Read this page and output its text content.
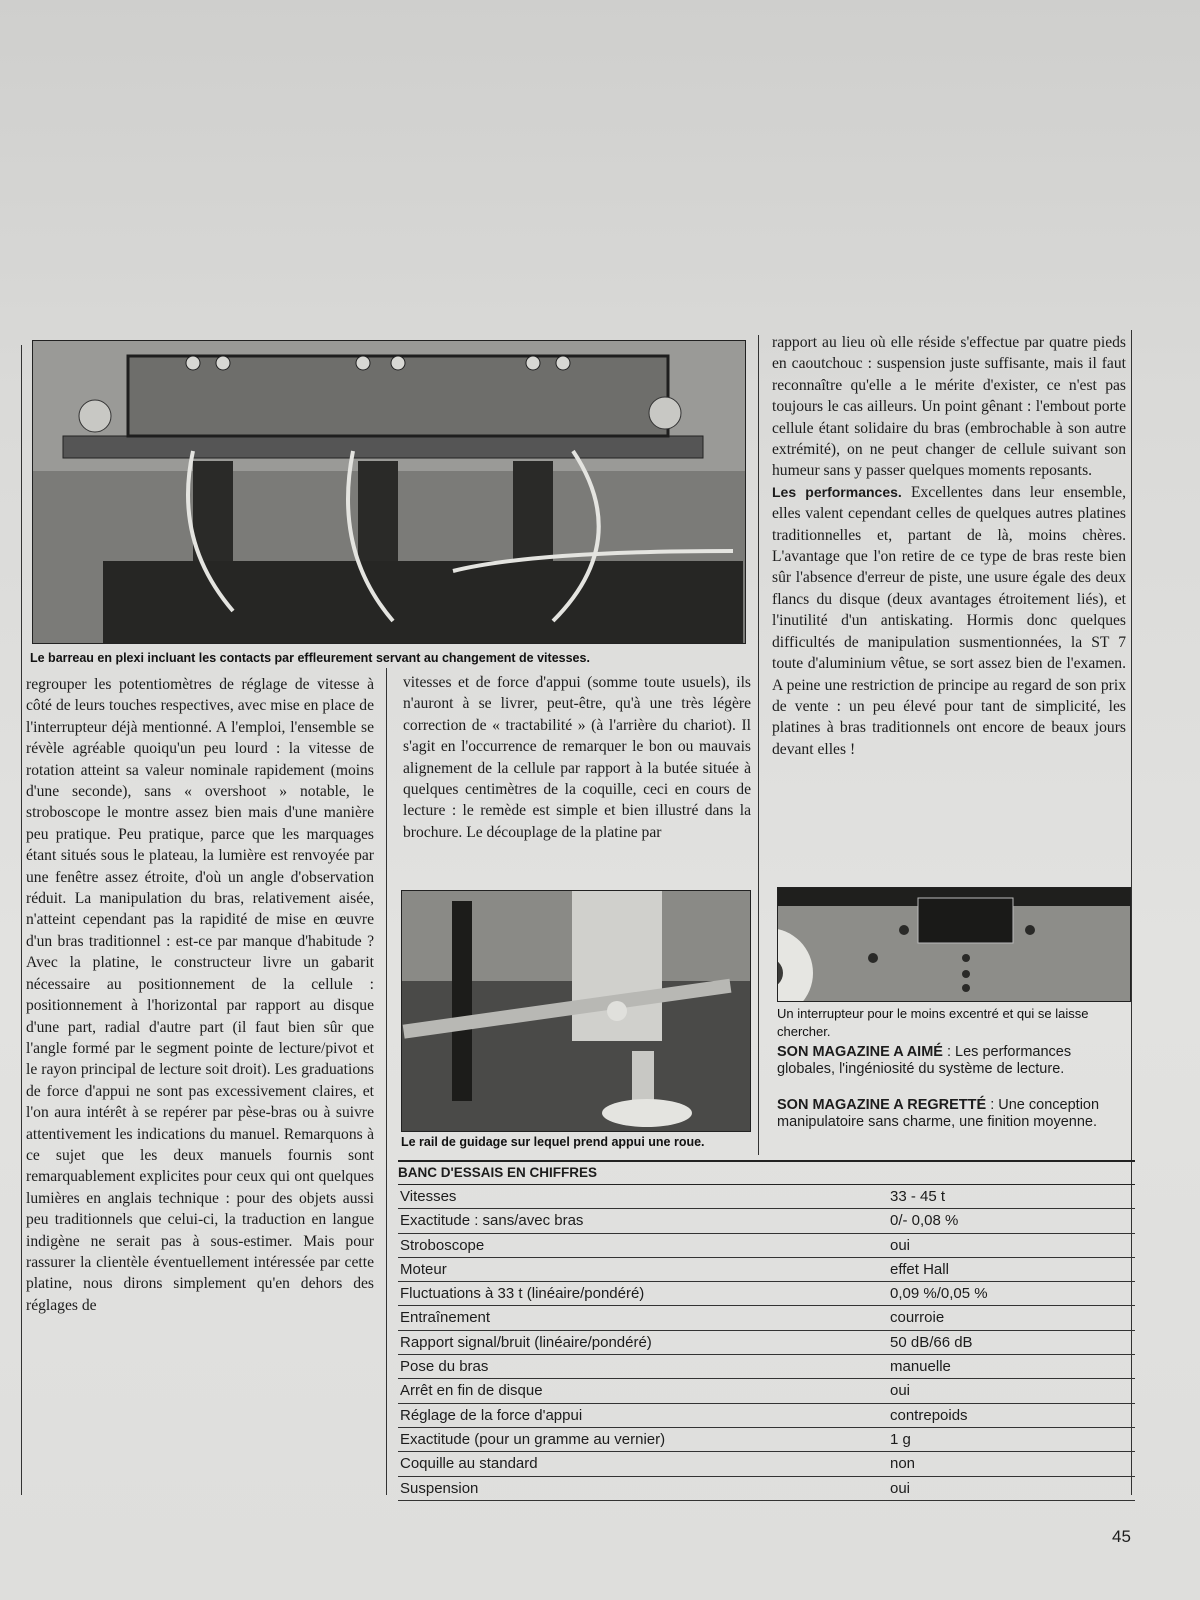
Le barreau en plexi incluant les contacts par effleurement servant au changement de vitesses.

regrouper les potentiomètres de réglage de vitesse à côté de leurs touches respectives, avec mise en place de l'interrupteur déjà mentionné. A l'emploi, l'ensemble se révèle agréable quoiqu'un peu lourd : la vitesse de rotation atteint sa valeur nominale rapidement (moins d'une seconde), sans « overshoot » notable, le stroboscope le montre assez bien mais d'une manière peu pratique. Peu pratique, parce que les marquages étant situés sous le plateau, la lumière est renvoyée par une fenêtre assez étroite, d'où un angle d'observation réduit. La manipulation du bras, relativement aisée, n'atteint cependant pas la rapidité de mise en œuvre d'un bras traditionnel : est-ce par manque d'habitude ? Avec la platine, le constructeur livre un gabarit nécessaire au positionnement de la cellule : positionnement à l'horizontal par rapport au disque d'une part, radial d'autre part (il faut bien sûr que l'angle formé par le segment pointe de lecture/pivot et le rayon principal de lecture soit droit). Les graduations de force d'appui ne sont pas excessivement claires, et l'on aura intérêt à se repérer par pèse-bras ou à suivre attentivement les indications du manuel. Remarquons à ce sujet que les deux manuels fournis sont remarquablement explicites pour ceux qui ont quelques lumières en anglais technique : pour des objets aussi peu traditionnels que celui-ci, la traduction en langue indigène ne serait pas à sous-estimer. Mais pour rassurer la clientèle éventuellement intéressée par cette platine, nous dirons simplement qu'en dehors des réglages de

vitesses et de force d'appui (somme toute usuels), ils n'auront à se livrer, peut-être, qu'à une très légère correction de « tractabilité » (à l'arrière du chariot). Il s'agit en l'occurrence de remarquer le bon ou mauvais alignement de la cellule par rapport à la butée située à quelques centimètres de la coquille, ceci en cours de lecture : le remède est simple et bien illustré dans la brochure. Le découplage de la platine par

Le rail de guidage sur lequel prend appui une roue.

rapport au lieu où elle réside s'effectue par quatre pieds en caoutchouc : suspension juste suffisante, mais il faut reconnaître qu'elle a le mérite d'exister, ce n'est pas toujours le cas ailleurs. Un point gênant : l'embout porte cellule étant solidaire du bras (embrochable à son autre extrémité), on ne peut changer de cellule suivant son humeur sans y passer quelques moments reposants.

Les performances. Excellentes dans leur ensemble, elles valent cependant celles de quelques autres platines traditionnelles et, partant de là, moins chères. L'avantage que l'on retire de ce type de bras reste bien sûr l'absence d'erreur de piste, une usure égale des deux flancs du disque (deux avantages étroitement liés), et l'inutilité d'un antiskating. Hormis donc quelques difficultés de manipulation susmentionnées, la ST 7 toute d'aluminium vêtue, se sort assez bien de l'examen. A peine une restriction de principe au regard de son prix de vente : un peu élevé pour tant de simplicité, les platines à bras traditionnels ont encore de beaux jours devant elles !

Un interrupteur pour le moins excentré et qui se laisse chercher.
SON MAGAZINE A AIMÉ : Les performances globales, l'ingéniosité du système de lecture.
SON MAGAZINE A REGRETTÉ : Une conception manipulatoire sans charme, une finition moyenne.
BANC D'ESSAIS EN CHIFFRES
Vitesses	33 - 45 t
Exactitude : sans/avec bras	0/- 0,08 %
Stroboscope	oui
Moteur	effet Hall
Fluctuations à 33 t (linéaire/pondéré)	0,09 %/0,05 %
Entraînement	courroie
Rapport signal/bruit (linéaire/pondéré)	50 dB/66 dB
Pose du bras	manuelle
Arrêt en fin de disque	oui
Réglage de la force d'appui	contrepoids
Exactitude (pour un gramme au vernier)	1 g
Coquille au standard	non
Suspension	oui
45
